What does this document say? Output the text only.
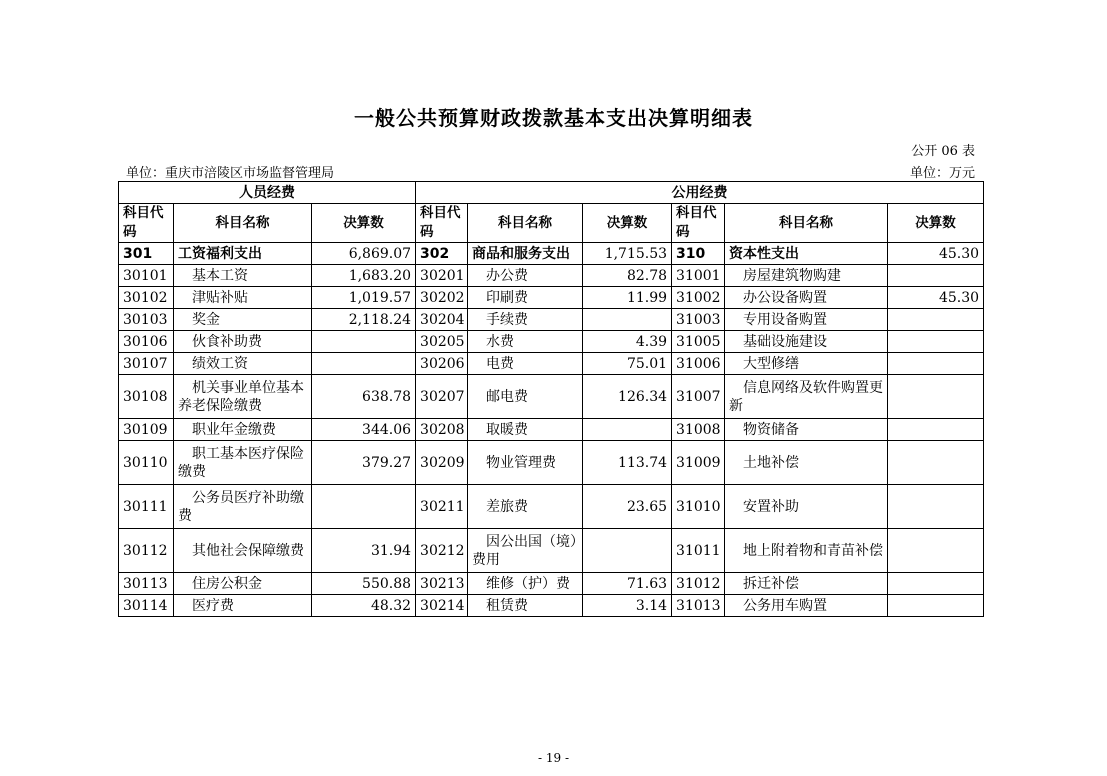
一般公共预算财政拨款基本支出决算明细表
公开 06 表
单位：重庆市涪陵区市场监督管理局	单位：万元
人员经费			公用经费					
科目代码	科目名称	决算数	科目代码	科目名称	决算数	科目代码	科目名称	决算数
301	工资福利支出	6,869.07	302	商品和服务支出	1,715.53	310	资本性支出	45.30
30101	基本工资	1,683.20	30201	办公费	82.78	31001	房屋建筑物购建	
30102	津贴补贴	1,019.57	30202	印刷费	11.99	31002	办公设备购置	45.30
30103	奖金	2,118.24	30204	手续费		31003	专用设备购置	
30106	伙食补助费		30205	水费	4.39	31005	基础设施建设	
30107	绩效工资		30206	电费	75.01	31006	大型修缮	
30108	机关事业单位基本养老保险缴费	638.78	30207	邮电费	126.34	31007	信息网络及软件购置更新	
30109	职业年金缴费	344.06	30208	取暖费		31008	物资储备	
30110	职工基本医疗保险缴费	379.27	30209	物业管理费	113.74	31009	土地补偿	
30111	公务员医疗补助缴费		30211	差旅费	23.65	31010	安置补助	
30112	其他社会保障缴费	31.94	30212	因公出国（境）费用		31011	地上附着物和青苗补偿	
30113	住房公积金	550.88	30213	维修（护）费	71.63	31012	拆迁补偿	
30114	医疗费	48.32	30214	租赁费	3.14	31013	公务用车购置	
- 19 -
